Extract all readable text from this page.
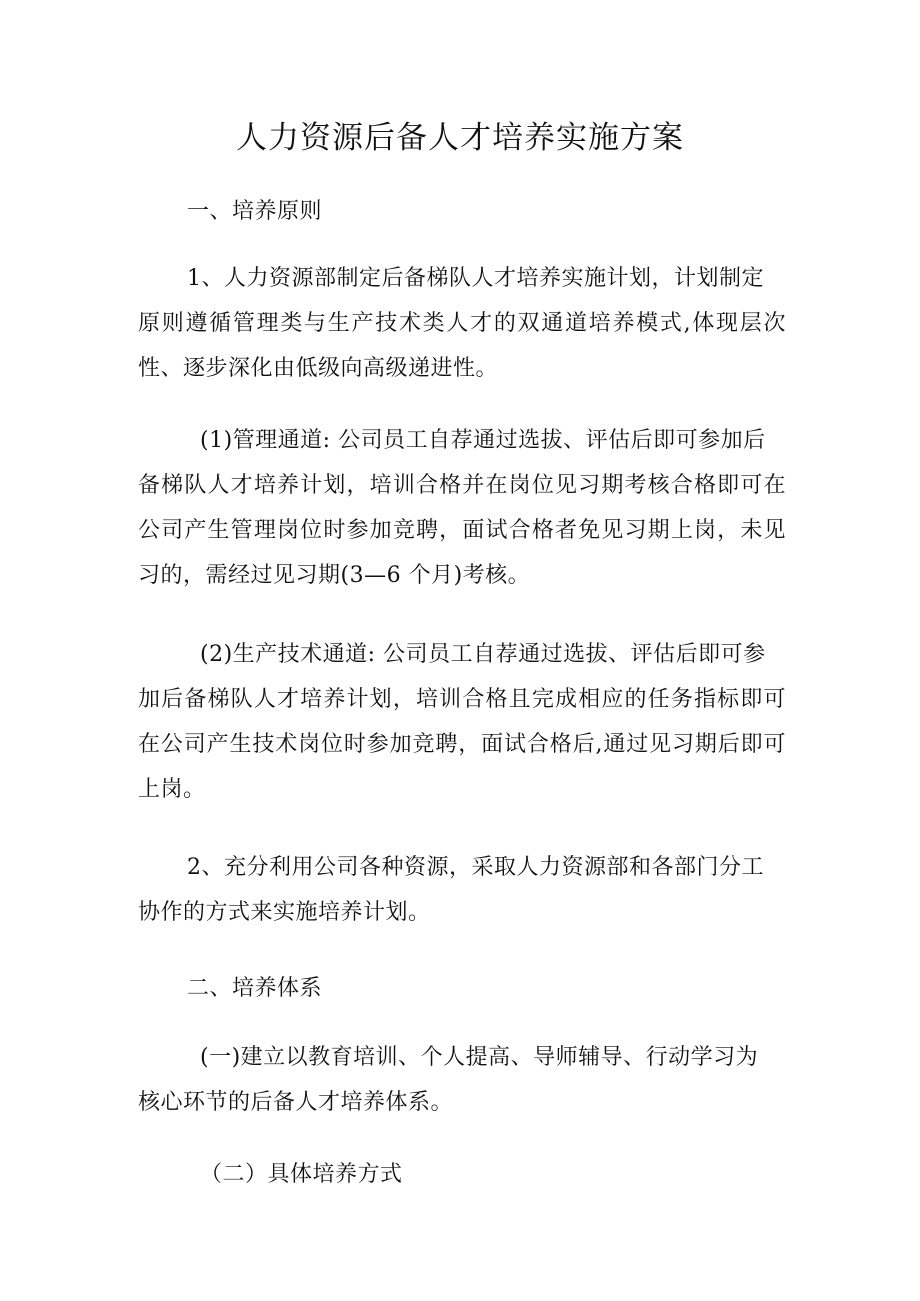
人力资源后备人才培养实施方案

一、培养原则

1、人力资源部制定后备梯队人才培养实施计划，计划制定

原则遵循管理类与生产技术类人才的双通道培养模式,体现层次性、逐步深化由低级向高级递进性。

(1)管理通道: 公司员工自荐通过选拔、评估后即可参加后

备梯队人才培养计划，培训合格并在岗位见习期考核合格即可在公司产生管理岗位时参加竞聘，面试合格者免见习期上岗，未见习的，需经过见习期(3—6 个月)考核。

(2)生产技术通道: 公司员工自荐通过选拔、评估后即可参

加后备梯队人才培养计划，培训合格且完成相应的任务指标即可在公司产生技术岗位时参加竞聘，面试合格后,通过见习期后即可上岗。

2、充分利用公司各种资源，采取人力资源部和各部门分工

协作的方式来实施培养计划。

二、培养体系

(一)建立以教育培训、个人提高、导师辅导、行动学习为

核心环节的后备人才培养体系。

（二）具体培养方式
